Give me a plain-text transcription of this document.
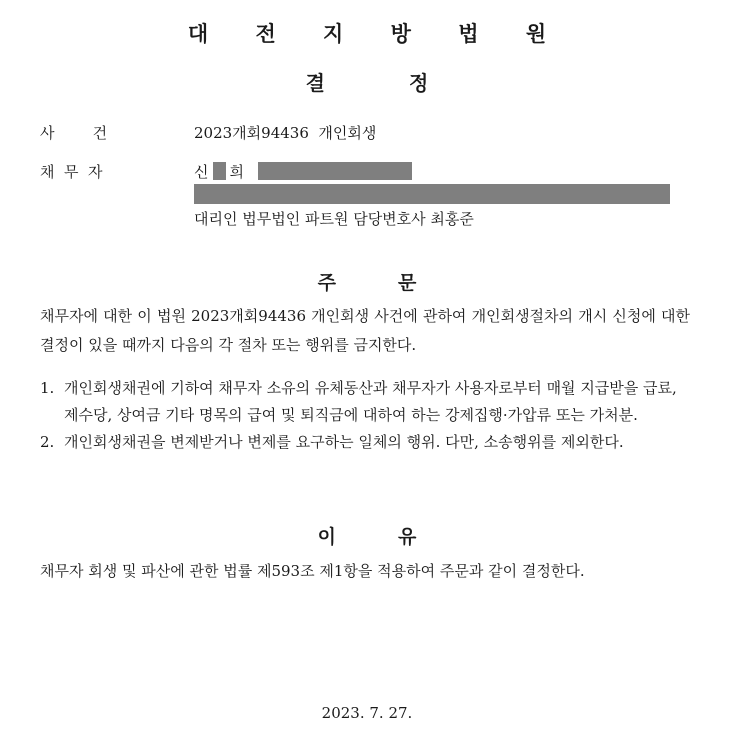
대 전 지 방 법 원
결	정
사        건	2023개회94436  개인회생
채  무  자	신 희
대리인 법무법인 파트원 담당변호사 최홍준
주	문
채무자에 대한 이 법원 2023개회94436 개인회생 사건에 관하여 개인회생절차의 개시 신청에 대한 결정이 있을 때까지 다음의 각 절차 또는 행위를 금지한다.
1. 개인회생채권에 기하여 채무자 소유의 유체동산과 채무자가 사용자로부터 매월 지급받을 급료, 제수당, 상여금 기타 명목의 급여 및 퇴직금에 대하여 하는 강제집행·가압류 또는 가처분.
2. 개인회생채권을 변제받거나 변제를 요구하는 일체의 행위. 다만, 소송행위를 제외한다.
이	유
채무자 회생 및 파산에 관한 법률 제593조 제1항을 적용하여 주문과 같이 결정한다.
2023. 7. 27.
